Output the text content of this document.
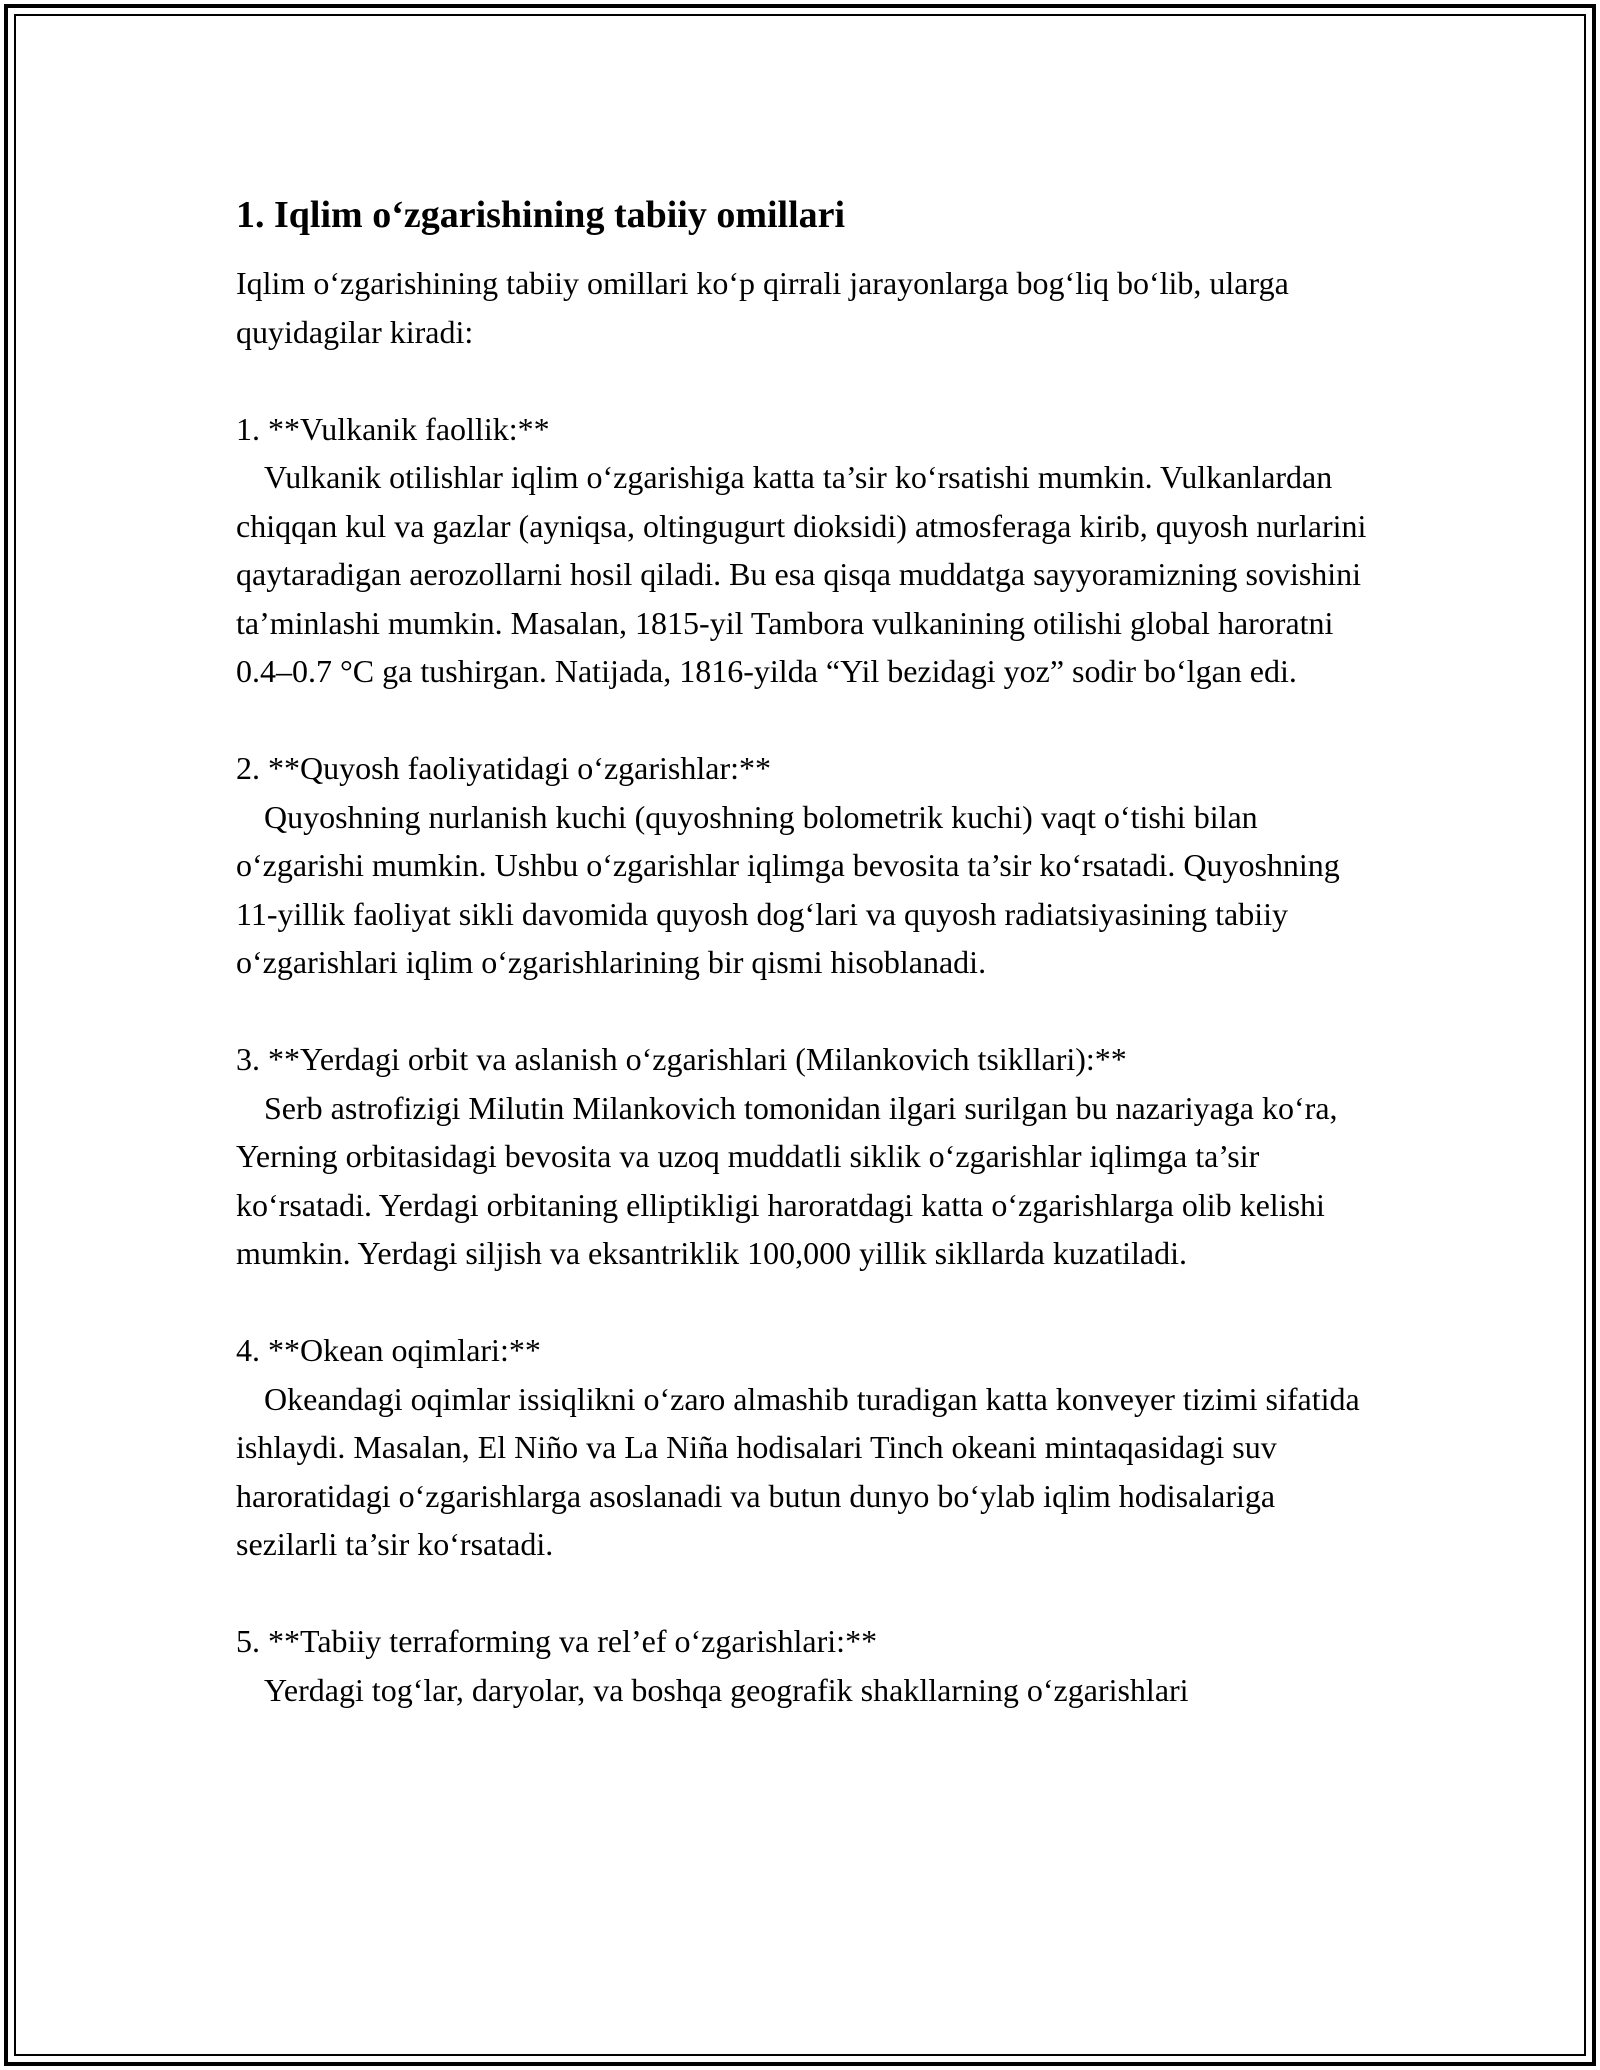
1. Iqlim o‘zgarishining tabiiy omillari

Iqlim o‘zgarishining tabiiy omillari ko‘p qirrali jarayonlarga bog‘liq bo‘lib, ularga quyidagilar kiradi:

1. **Vulkanik faollik:**
Vulkanik otilishlar iqlim o‘zgarishiga katta ta’sir ko‘rsatishi mumkin. Vulkanlardan chiqqan kul va gazlar (ayniqsa, oltingugurt dioksidi) atmosferaga kirib, quyosh nurlarini qaytaradigan aerozollarni hosil qiladi. Bu esa qisqa muddatga sayyoramizning sovishini ta’minlashi mumkin. Masalan, 1815-yil Tambora vulkanining otilishi global haroratni 0.4–0.7 °C ga tushirgan. Natijada, 1816-yilda “Yil bezidagi yoz” sodir bo‘lgan edi.
2. **Quyosh faoliyatidagi o‘zgarishlar:**
Quyoshning nurlanish kuchi (quyoshning bolometrik kuchi) vaqt o‘tishi bilan o‘zgarishi mumkin. Ushbu o‘zgarishlar iqlimga bevosita ta’sir ko‘rsatadi. Quyoshning 11-yillik faoliyat sikli davomida quyosh dog‘lari va quyosh radiatsiyasining tabiiy o‘zgarishlari iqlim o‘zgarishlarining bir qismi hisoblanadi.
3. **Yerdagi orbit va aslanish o‘zgarishlari (Milankovich tsikllari):**
Serb astrofizigi Milutin Milankovich tomonidan ilgari surilgan bu nazariyaga ko‘ra, Yerning orbitasidagi bevosita va uzoq muddatli siklik o‘zgarishlar iqlimga ta’sir ko‘rsatadi. Yerdagi orbitaning elliptikligi haroratdagi katta o‘zgarishlarga olib kelishi mumkin. Yerdagi siljish va eksantriklik 100,000 yillik sikllarda kuzatiladi.
4. **Okean oqimlari:**
Okeandagi oqimlar issiqlikni o‘zaro almashib turadigan katta konveyer tizimi sifatida ishlaydi. Masalan, El Niño va La Niña hodisalari Tinch okeani mintaqasidagi suv haroratidagi o‘zgarishlarga asoslanadi va butun dunyo bo‘ylab iqlim hodisalariga sezilarli ta’sir ko‘rsatadi.
5. **Tabiiy terraforming va rel’ef o‘zgarishlari:**
Yerdagi tog‘lar, daryolar, va boshqa geografik shakllarning o‘zgarishlari
